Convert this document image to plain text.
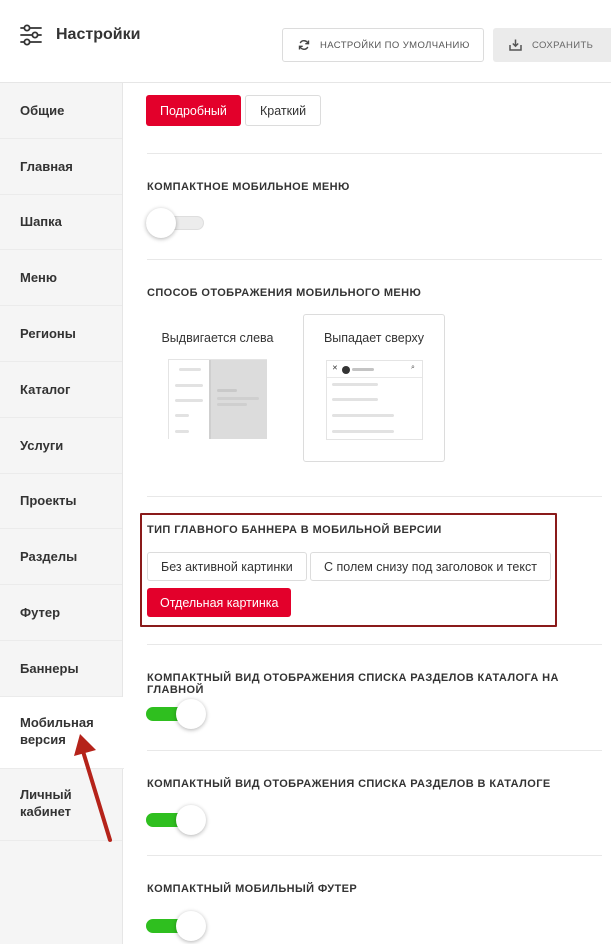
Настройки
НАСТРОЙКИ ПО УМОЛЧАНИЮ	СОХРАНИТЬ
Общие
Главная
Шапка
Меню
Регионы
Каталог
Услуги
Проекты
Разделы
Футер
Баннеры
Мобильная версия
Личный кабинет
Подробный	Краткий
КОМПАКТНОЕ МОБИЛЬНОЕ МЕНЮ
СПОСОБ ОТОБРАЖЕНИЯ МОБИЛЬНОГО МЕНЮ
Выдвигается слева	Выпадает сверху
✕	⌕
ТИП ГЛАВНОГО БАННЕРА В МОБИЛЬНОЙ ВЕРСИИ
Без активной картинки	С полем снизу под заголовок и текст
Отдельная картинка
КОМПАКТНЫЙ ВИД ОТОБРАЖЕНИЯ СПИСКА РАЗДЕЛОВ КАТАЛОГА НА ГЛАВНОЙ
КОМПАКТНЫЙ ВИД ОТОБРАЖЕНИЯ СПИСКА РАЗДЕЛОВ В КАТАЛОГЕ
КОМПАКТНЫЙ МОБИЛЬНЫЙ ФУТЕР
